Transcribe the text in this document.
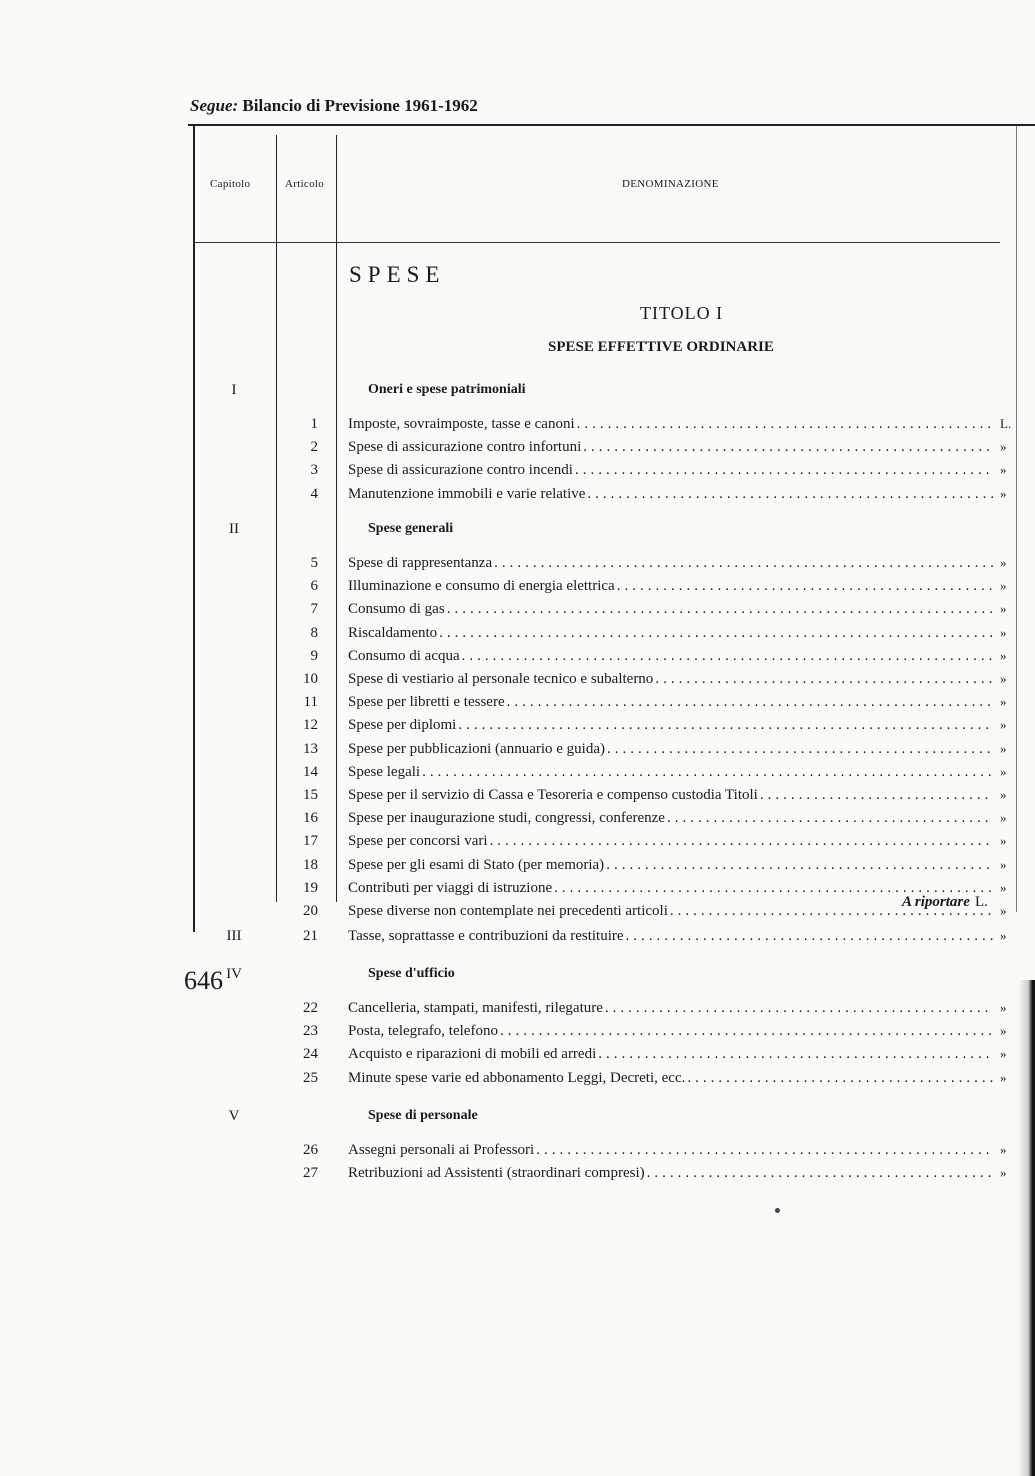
Segue: Bilancio di Previsione 1961-1962
Capitolo	Articolo	DENOMINAZIONE
SPESE
TITOLO I
SPESE EFFETTIVE ORDINARIE
I	Oneri e spese patrimoniali
1 Imposte, sovraimposte, tasse e canoni .....	L.
2 Spese di assicurazione contro infortuni .....	»
3 Spese di assicurazione contro incendi .....	»
4 Manutenzione immobili e varie relative .....	»
II	Spese generali
5 Spese di rappresentanza .....	»
6 Illuminazione e consumo di energia elettrica .....	»
7 Consumo di gas .....	»
8 Riscaldamento .....	»
9 Consumo di acqua .....	»
10 Spese di vestiario al personale tecnico e subalterno .....	»
11 Spese per libretti e tessere .....	»
12 Spese per diplomi .....	»
13 Spese per pubblicazioni (annuario e guida) .....	»
14 Spese legali .....	»
15 Spese per il servizio di Cassa e Tesoreria e compenso custodia Titoli .....	»
16 Spese per inaugurazione studi, congressi, conferenze .....	»
17 Spese per concorsi vari .....	»
18 Spese per gli esami di Stato (per memoria) .....	»
19 Contributi per viaggi di istruzione .....	»
20 Spese diverse non contemplate nei precedenti articoli .....	»
III	21 Tasse, soprattasse e contribuzioni da restituire .....	»
IV	Spese d'ufficio
22 Cancelleria, stampati, manifesti, rilegature .....	»
23 Posta, telegrafo, telefono .....	»
24 Acquisto e riparazioni di mobili ed arredi .....	»
25 Minute spese varie ed abbonamento Leggi, Decreti, ecc. .....	»
V	Spese di personale
26 Assegni personali ai Professori .....	»
27 Retribuzioni ad Assistenti (straordinari compresi) .....	»
A riportare L.
646
